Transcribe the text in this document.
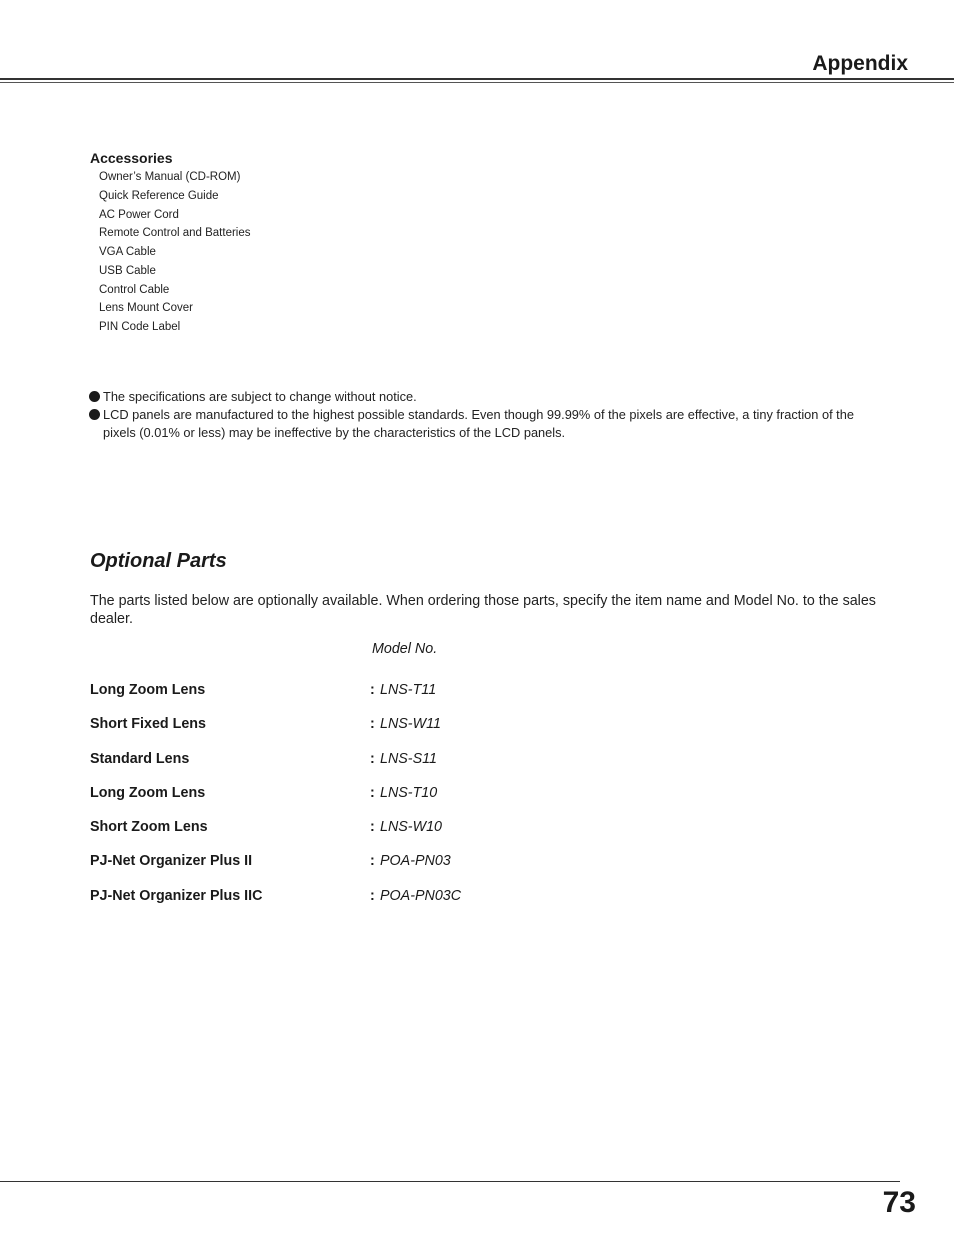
Appendix
Accessories
Owner’s Manual (CD-ROM)
Quick Reference Guide
AC Power Cord
Remote Control and Batteries
VGA Cable
USB Cable
Control Cable
Lens Mount Cover
PIN Code Label
The specifications are subject to change without notice.
LCD panels are manufactured to the highest possible standards. Even though 99.99% of the pixels are effective, a tiny fraction of the pixels (0.01% or less) may be ineffective by the characteristics of the LCD panels.
Optional Parts
The parts listed below are optionally available. When ordering those parts, specify the item name and Model No. to the sales dealer.
Model No.
Long Zoom Lens	: LNS-T11
Short Fixed Lens	: LNS-W11
Standard Lens	: LNS-S11
Long Zoom Lens	: LNS-T10
Short Zoom Lens	: LNS-W10
PJ-Net Organizer Plus II	: POA-PN03
PJ-Net Organizer Plus IIC	: POA-PN03C
73
